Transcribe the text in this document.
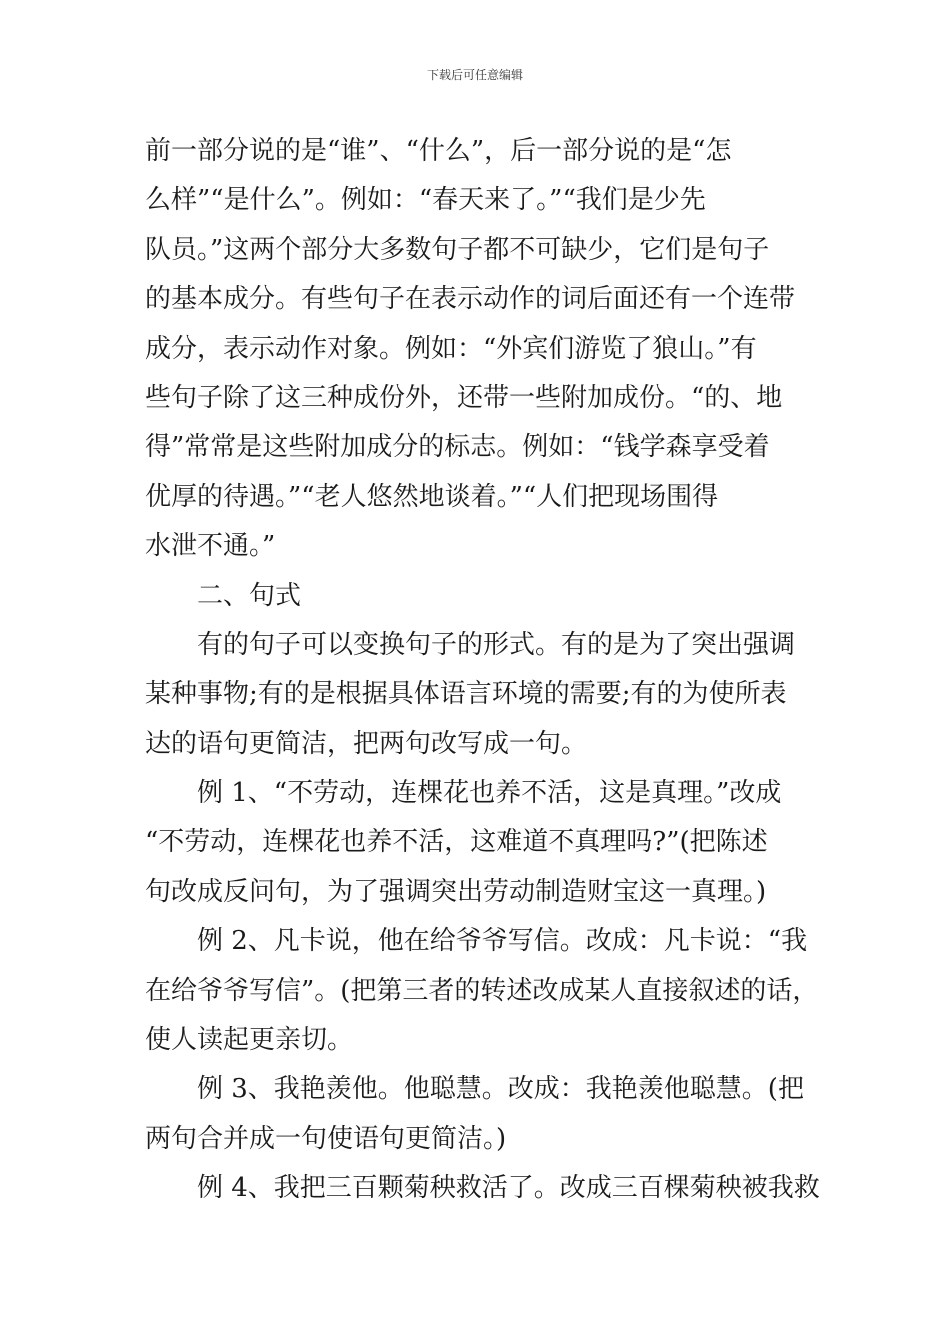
下载后可任意编辑
前一部分说的是“谁”、“什么”，后一部分说的是“怎
么样”“是什么”。例如：“春天来了。”“我们是少先
队员。”这两个部分大多数句子都不可缺少，它们是句子
的基本成分。有些句子在表示动作的词后面还有一个连带
成分，表示动作对象。例如：“外宾们游览了狼山。”有
些句子除了这三种成份外，还带一些附加成份。“的、地
得”常常是这些附加成分的标志。例如：“钱学森享受着
优厚的待遇。”“老人悠然地谈着。”“人们把现场围得
水泄不通。”
二、句式
有的句子可以变换句子的形式。有的是为了突出强调
某种事物;有的是根据具体语言环境的需要;有的为使所表
达的语句更简洁，把两句改写成一句。
例 1、“不劳动，连棵花也养不活，这是真理。”改成
“不劳动，连棵花也养不活，这难道不真理吗?”(把陈述
句改成反问句，为了强调突出劳动制造财宝这一真理。)
例 2、凡卡说，他在给爷爷写信。改成：凡卡说：“我
在给爷爷写信”。(把第三者的转述改成某人直接叙述的话，
使人读起更亲切。
例 3、我艳羡他。他聪慧。改成：我艳羡他聪慧。(把
两句合并成一句使语句更简洁。)
例 4、我把三百颗菊秧救活了。改成三百棵菊秧被我救
